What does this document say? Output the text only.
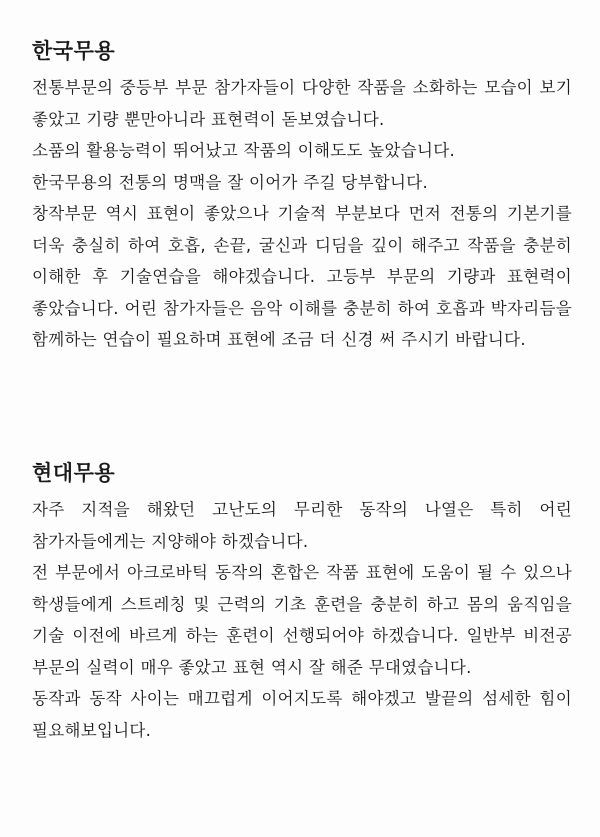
한국무용

전통부문의 중등부 부문 참가자들이 다양한 작품을 소화하는 모습이 보기 좋았고 기량 뿐만아니라 표현력이 돋보였습니다.

소품의 활용능력이 뛰어났고 작품의 이해도도 높았습니다.

한국무용의 전통의 명맥을 잘 이어가 주길 당부합니다.

창작부문 역시 표현이 좋았으나 기술적 부분보다 먼저 전통의 기본기를 더욱 충실히 하여 호흡, 손끝, 굴신과 디딤을 깊이 해주고 작품을 충분히 이해한 후 기술연습을 해야겠습니다. 고등부 부문의 기량과 표현력이 좋았습니다. 어린 참가자들은 음악 이해를 충분히 하여 호흡과 박자리듬을 함께하는 연습이 필요하며 표현에 조금 더 신경 써 주시기 바랍니다.

현대무용

자주 지적을 해왔던 고난도의 무리한 동작의 나열은 특히 어린 참가자들에게는 지양해야 하겠습니다.

전 부문에서 아크로바틱 동작의 혼합은 작품 표현에 도움이 될 수 있으나 학생들에게 스트레칭 및 근력의 기초 훈련을 충분히 하고 몸의 움직임을 기술 이전에 바르게 하는 훈련이 선행되어야 하겠습니다. 일반부 비전공 부문의 실력이 매우 좋았고 표현 역시 잘 해준 무대였습니다.

동작과 동작 사이는 매끄럽게 이어지도록 해야겠고 발끝의 섬세한 힘이 필요해보입니다.
